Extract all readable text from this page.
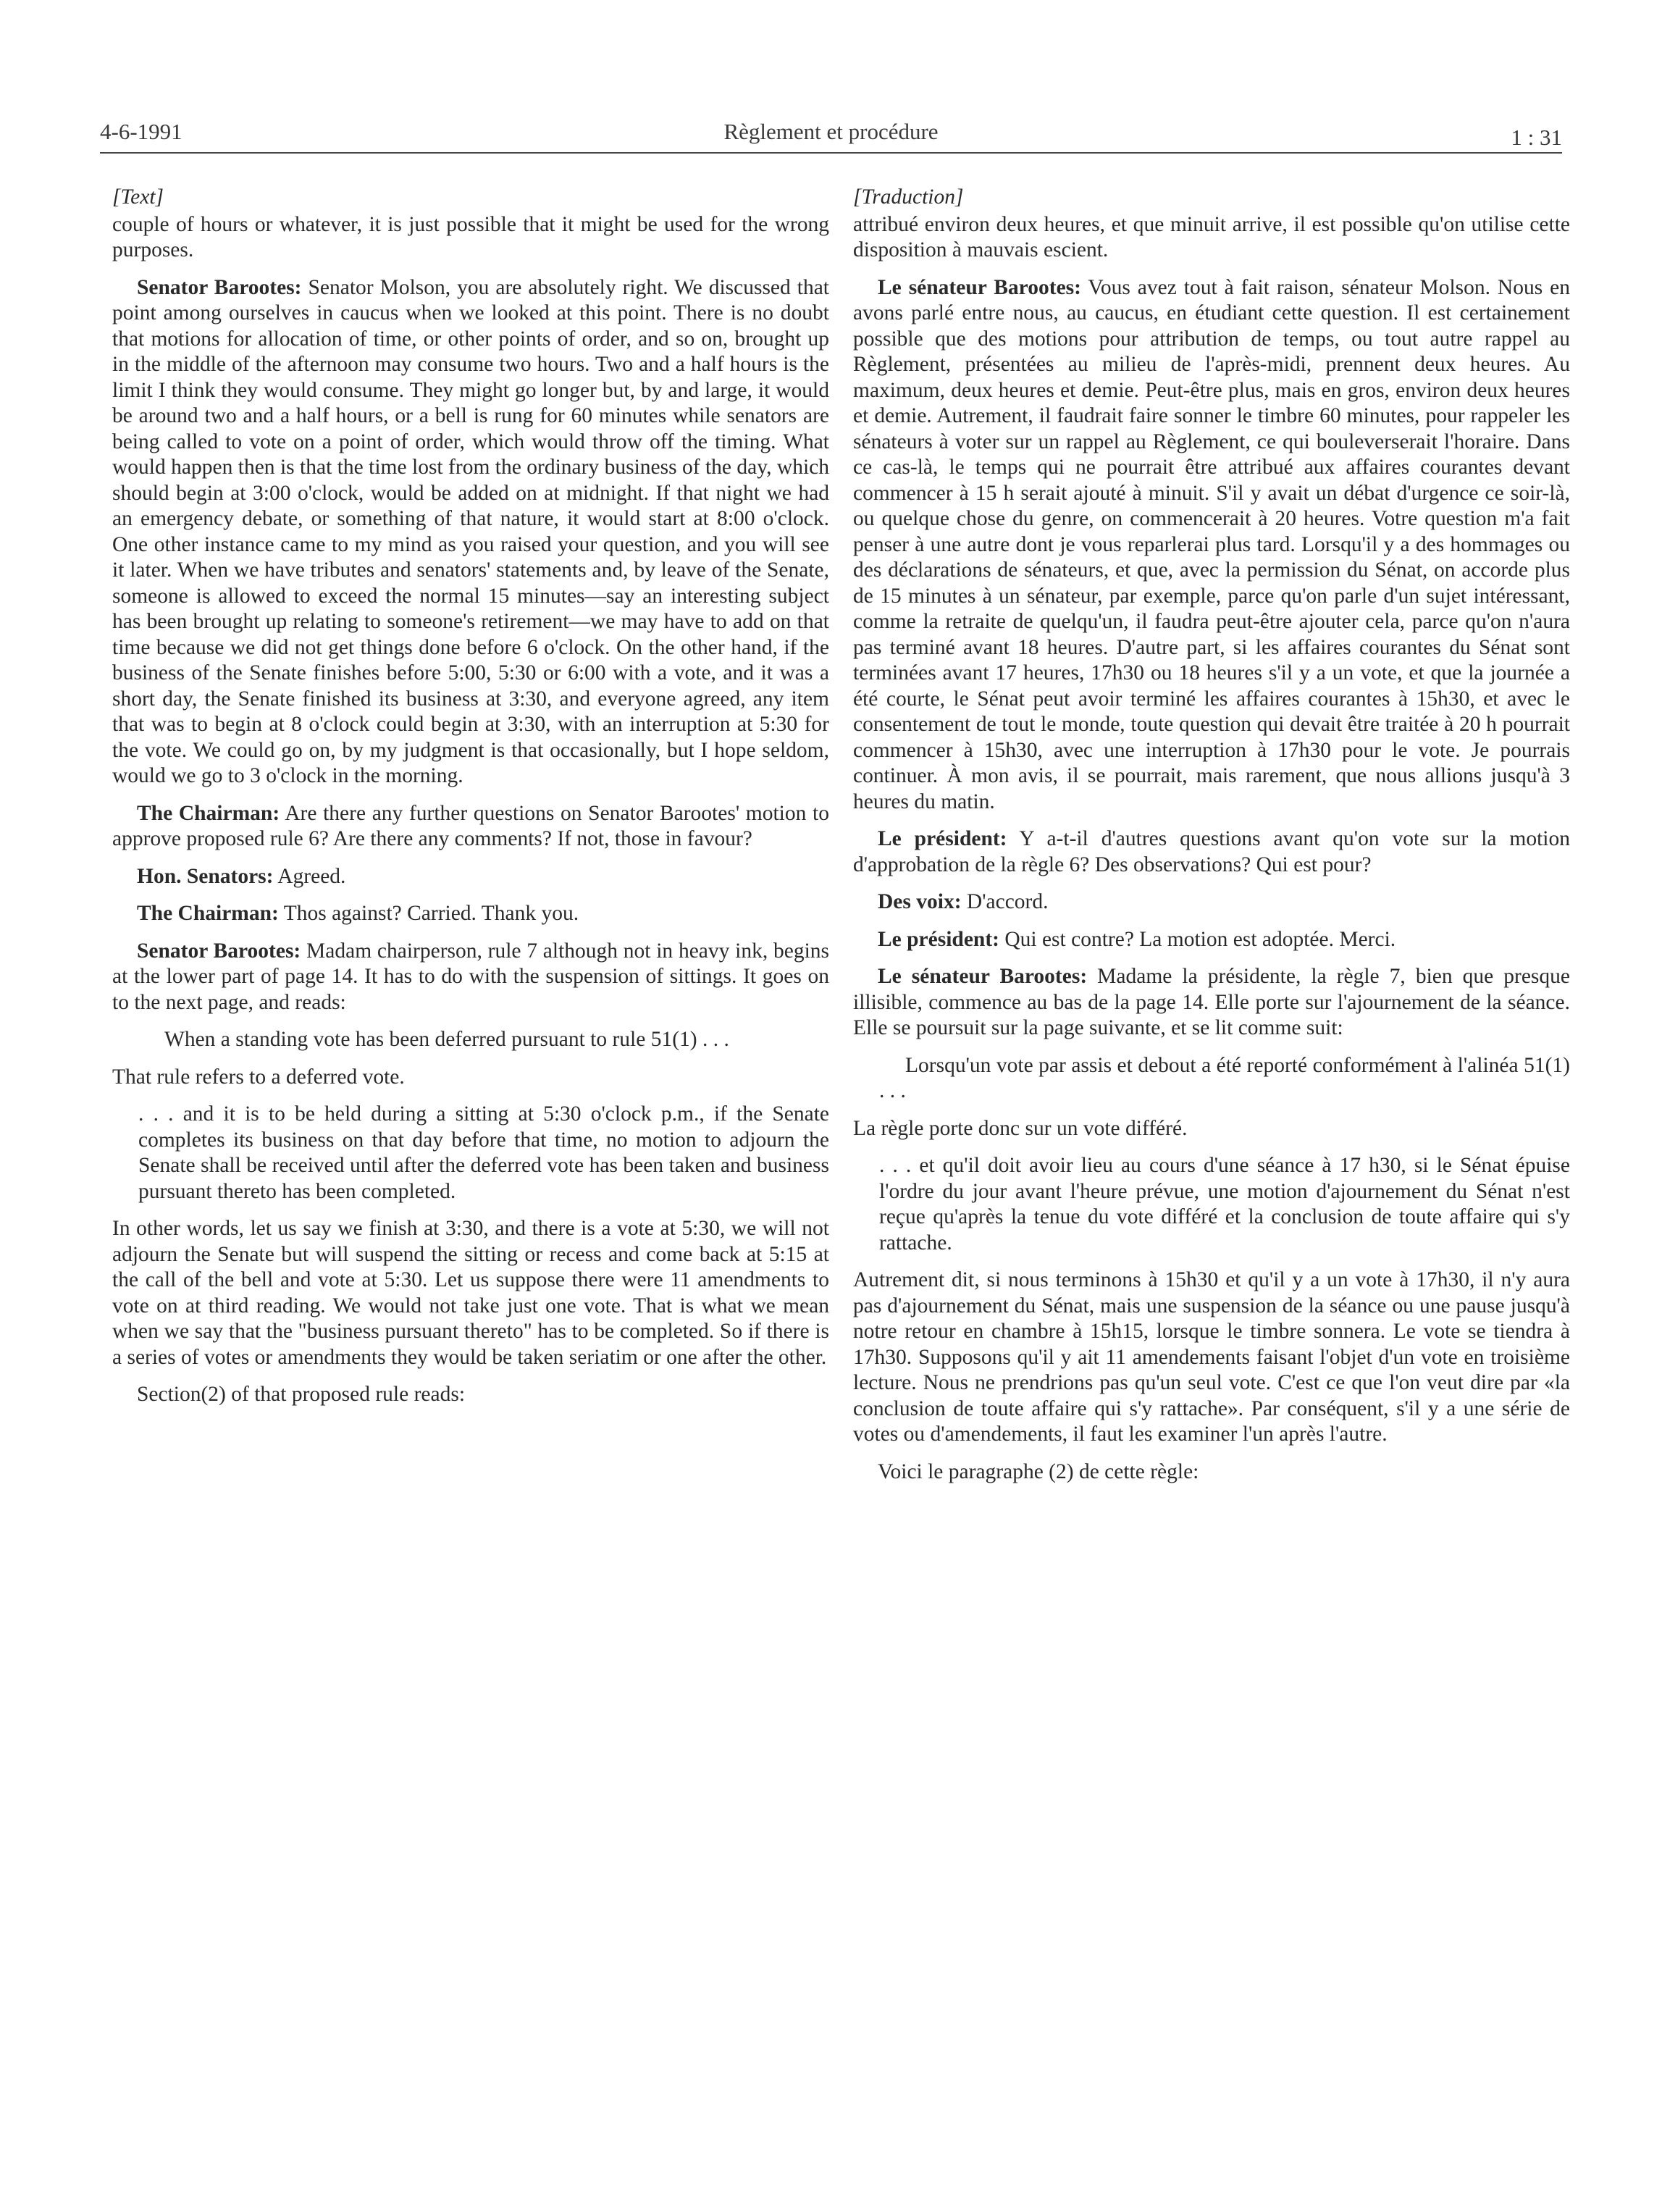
4-6-1991	Règlement et procédure	1 : 31

[Text]

couple of hours or whatever, it is just possible that it might be used for the wrong purposes.

Senator Barootes: Senator Molson, you are absolutely right. We discussed that point among ourselves in caucus when we looked at this point. There is no doubt that motions for allocation of time, or other points of order, and so on, brought up in the middle of the afternoon may consume two hours. Two and a half hours is the limit I think they would consume. They might go longer but, by and large, it would be around two and a half hours, or a bell is rung for 60 minutes while senators are being called to vote on a point of order, which would throw off the timing. What would happen then is that the time lost from the ordinary business of the day, which should begin at 3:00 o'clock, would be added on at midnight. If that night we had an emergency debate, or something of that nature, it would start at 8:00 o'clock. One other instance came to my mind as you raised your question, and you will see it later. When we have tributes and senators' statements and, by leave of the Senate, someone is allowed to exceed the normal 15 minutes—say an interesting subject has been brought up relating to someone's retirement—we may have to add on that time because we did not get things done before 6 o'clock. On the other hand, if the business of the Senate finishes before 5:00, 5:30 or 6:00 with a vote, and it was a short day, the Senate finished its business at 3:30, and everyone agreed, any item that was to begin at 8 o'clock could begin at 3:30, with an interruption at 5:30 for the vote. We could go on, by my judgment is that occasionally, but I hope seldom, would we go to 3 o'clock in the morning.

The Chairman: Are there any further questions on Senator Barootes' motion to approve proposed rule 6? Are there any comments? If not, those in favour?

Hon. Senators: Agreed.

The Chairman: Thos against? Carried. Thank you.

Senator Barootes: Madam chairperson, rule 7 although not in heavy ink, begins at the lower part of page 14. It has to do with the suspension of sittings. It goes on to the next page, and reads:

When a standing vote has been deferred pursuant to rule 51(1) . . .

That rule refers to a deferred vote.

. . . and it is to be held during a sitting at 5:30 o'clock p.m., if the Senate completes its business on that day before that time, no motion to adjourn the Senate shall be received until after the deferred vote has been taken and business pursuant thereto has been completed.

In other words, let us say we finish at 3:30, and there is a vote at 5:30, we will not adjourn the Senate but will suspend the sitting or recess and come back at 5:15 at the call of the bell and vote at 5:30. Let us suppose there were 11 amendments to vote on at third reading. We would not take just one vote. That is what we mean when we say that the "business pursuant thereto" has to be completed. So if there is a series of votes or amendments they would be taken seriatim or one after the other.

Section(2) of that proposed rule reads:

[Traduction]

attribué environ deux heures, et que minuit arrive, il est possible qu'on utilise cette disposition à mauvais escient.

Le sénateur Barootes: Vous avez tout à fait raison, sénateur Molson. Nous en avons parlé entre nous, au caucus, en étudiant cette question. Il est certainement possible que des motions pour attribution de temps, ou tout autre rappel au Règlement, présentées au milieu de l'après-midi, prennent deux heures. Au maximum, deux heures et demie. Peut-être plus, mais en gros, environ deux heures et demie. Autrement, il faudrait faire sonner le timbre 60 minutes, pour rappeler les sénateurs à voter sur un rappel au Règlement, ce qui bouleverserait l'horaire. Dans ce cas-là, le temps qui ne pourrait être attribué aux affaires courantes devant commencer à 15 h serait ajouté à minuit. S'il y avait un débat d'urgence ce soir-là, ou quelque chose du genre, on commencerait à 20 heures. Votre question m'a fait penser à une autre dont je vous reparlerai plus tard. Lorsqu'il y a des hommages ou des déclarations de sénateurs, et que, avec la permission du Sénat, on accorde plus de 15 minutes à un sénateur, par exemple, parce qu'on parle d'un sujet intéressant, comme la retraite de quelqu'un, il faudra peut-être ajouter cela, parce qu'on n'aura pas terminé avant 18 heures. D'autre part, si les affaires courantes du Sénat sont terminées avant 17 heures, 17h30 ou 18 heures s'il y a un vote, et que la journée a été courte, le Sénat peut avoir terminé les affaires courantes à 15h30, et avec le consentement de tout le monde, toute question qui devait être traitée à 20 h pourrait commencer à 15h30, avec une interruption à 17h30 pour le vote. Je pourrais continuer. À mon avis, il se pourrait, mais rarement, que nous allions jusqu'à 3 heures du matin.

Le président: Y a-t-il d'autres questions avant qu'on vote sur la motion d'approbation de la règle 6? Des observations? Qui est pour?

Des voix: D'accord.

Le président: Qui est contre? La motion est adoptée. Merci.

Le sénateur Barootes: Madame la présidente, la règle 7, bien que presque illisible, commence au bas de la page 14. Elle porte sur l'ajournement de la séance. Elle se poursuit sur la page suivante, et se lit comme suit:

Lorsqu'un vote par assis et debout a été reporté conformément à l'alinéa 51(1) . . .

La règle porte donc sur un vote différé.

. . . et qu'il doit avoir lieu au cours d'une séance à 17 h30, si le Sénat épuise l'ordre du jour avant l'heure prévue, une motion d'ajournement du Sénat n'est reçue qu'après la tenue du vote différé et la conclusion de toute affaire qui s'y rattache.

Autrement dit, si nous terminons à 15h30 et qu'il y a un vote à 17h30, il n'y aura pas d'ajournement du Sénat, mais une suspension de la séance ou une pause jusqu'à notre retour en chambre à 15h15, lorsque le timbre sonnera. Le vote se tiendra à 17h30. Supposons qu'il y ait 11 amendements faisant l'objet d'un vote en troisième lecture. Nous ne prendrions pas qu'un seul vote. C'est ce que l'on veut dire par «la conclusion de toute affaire qui s'y rattache». Par conséquent, s'il y a une série de votes ou d'amendements, il faut les examiner l'un après l'autre.

Voici le paragraphe (2) de cette règle:
